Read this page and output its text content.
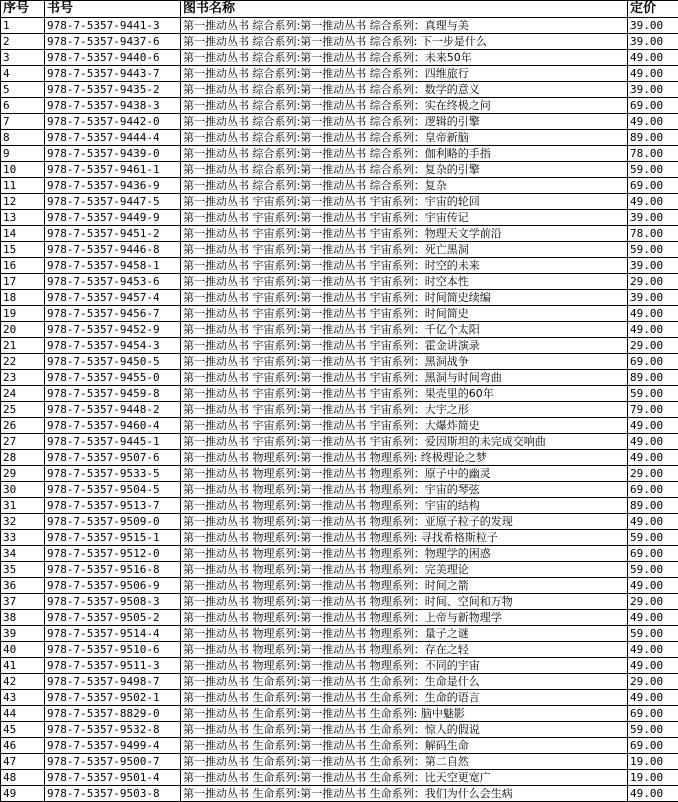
序号	书号	图书名称	定价
1	978-7-5357-9441-3	第一推动丛书 综合系列:第一推动丛书 综合系列：真理与美	39.00
2	978-7-5357-9437-6	第一推动丛书 综合系列:第一推动丛书 综合系列: 下一步是什么	39.00
3	978-7-5357-9440-6	第一推动丛书 综合系列:第一推动丛书 综合系列：未来50年	49.00
4	978-7-5357-9443-7	第一推动丛书 综合系列:第一推动丛书 综合系列：四维旅行	49.00
5	978-7-5357-9435-2	第一推动丛书 综合系列:第一推动丛书 综合系列：数学的意义	39.00
6	978-7-5357-9438-3	第一推动丛书 综合系列:第一推动丛书 综合系列：实在终极之问	69.00
7	978-7-5357-9442-0	第一推动丛书 综合系列:第一推动丛书 综合系列：逻辑的引擎	49.00
8	978-7-5357-9444-4	第一推动丛书 综合系列:第一推动丛书 综合系列：皇帝新脑	89.00
9	978-7-5357-9439-0	第一推动丛书 综合系列:第一推动丛书 综合系列：伽利略的手指	78.00
10	978-7-5357-9461-1	第一推动丛书 综合系列:第一推动丛书 综合系列：复杂的引擎	59.00
11	978-7-5357-9436-9	第一推动丛书 综合系列:第一推动丛书 综合系列：复杂	69.00
12	978-7-5357-9447-5	第一推动丛书 宇宙系列:第一推动丛书 宇宙系列：宇宙的轮回	49.00
13	978-7-5357-9449-9	第一推动丛书 宇宙系列:第一推动丛书 宇宙系列：宇宙传记	39.00
14	978-7-5357-9451-2	第一推动丛书 宇宙系列:第一推动丛书 宇宙系列：物理天文学前沿	78.00
15	978-7-5357-9446-8	第一推动丛书 宇宙系列:第一推动丛书 宇宙系列：死亡黑洞	59.00
16	978-7-5357-9458-1	第一推动丛书 宇宙系列:第一推动丛书 宇宙系列：时空的未来	39.00
17	978-7-5357-9453-6	第一推动丛书 宇宙系列:第一推动丛书 宇宙系列：时空本性	29.00
18	978-7-5357-9457-4	第一推动丛书 宇宙系列:第一推动丛书 宇宙系列：时间简史续编	39.00
19	978-7-5357-9456-7	第一推动丛书 宇宙系列:第一推动丛书 宇宙系列：时间简史	49.00
20	978-7-5357-9452-9	第一推动丛书 宇宙系列:第一推动丛书 宇宙系列：千亿个太阳	49.00
21	978-7-5357-9454-3	第一推动丛书 宇宙系列:第一推动丛书 宇宙系列：霍金讲演录	29.00
22	978-7-5357-9450-5	第一推动丛书 宇宙系列:第一推动丛书 宇宙系列：黑洞战争	69.00
23	978-7-5357-9455-0	第一推动丛书 宇宙系列:第一推动丛书 宇宙系列：黑洞与时间弯曲	89.00
24	978-7-5357-9459-8	第一推动丛书 宇宙系列:第一推动丛书 宇宙系列：果壳里的60年	59.00
25	978-7-5357-9448-2	第一推动丛书 宇宙系列:第一推动丛书 宇宙系列：大宇之形	79.00
26	978-7-5357-9460-4	第一推动丛书 宇宙系列:第一推动丛书 宇宙系列：大爆炸简史	49.00
27	978-7-5357-9445-1	第一推动丛书 宇宙系列:第一推动丛书 宇宙系列：爱因斯坦的未完成交响曲	49.00
28	978-7-5357-9507-6	第一推动丛书 物理系列:第一推动丛书 物理系列: 终极理论之梦	49.00
29	978-7-5357-9533-5	第一推动丛书 物理系列:第一推动丛书 物理系列：原子中的幽灵	29.00
30	978-7-5357-9504-5	第一推动丛书 物理系列:第一推动丛书 物理系列：宇宙的琴弦	69.00
31	978-7-5357-9513-7	第一推动丛书 物理系列:第一推动丛书 物理系列：宇宙的结构	89.00
32	978-7-5357-9509-0	第一推动丛书 物理系列:第一推动丛书 物理系列：亚原子粒子的发现	49.00
33	978-7-5357-9515-1	第一推动丛书 物理系列:第一推动丛书 物理系列: 寻找希格斯粒子	59.00
34	978-7-5357-9512-0	第一推动丛书 物理系列:第一推动丛书 物理系列：物理学的困惑	69.00
35	978-7-5357-9516-8	第一推动丛书 物理系列:第一推动丛书 物理系列：完美理论	59.00
36	978-7-5357-9506-9	第一推动丛书 物理系列:第一推动丛书 物理系列：时间之箭	49.00
37	978-7-5357-9508-3	第一推动丛书 物理系列:第一推动丛书 物理系列：时间、空间和万物	29.00
38	978-7-5357-9505-2	第一推动丛书 物理系列:第一推动丛书 物理系列：上帝与新物理学	49.00
39	978-7-5357-9514-4	第一推动丛书 物理系列:第一推动丛书 物理系列：量子之谜	59.00
40	978-7-5357-9510-6	第一推动丛书 物理系列:第一推动丛书 物理系列：存在之轻	49.00
41	978-7-5357-9511-3	第一推动丛书 物理系列:第一推动丛书 物理系列：不同的宇宙	49.00
42	978-7-5357-9498-7	第一推动丛书 生命系列:第一推动丛书 生命系列：生命是什么	29.00
43	978-7-5357-9502-1	第一推动丛书 生命系列:第一推动丛书 生命系列：生命的语言	49.00
44	978-7-5357-8829-0	第一推动丛书 生命系列:第一推动丛书 生命系列: 脑中魅影	69.00
45	978-7-5357-9532-8	第一推动丛书 生命系列:第一推动丛书 生命系列：惊人的假说	59.00
46	978-7-5357-9499-4	第一推动丛书 生命系列:第一推动丛书 生命系列：解码生命	69.00
47	978-7-5357-9500-7	第一推动丛书 生命系列:第一推动丛书 生命系列：第二自然	19.00
48	978-7-5357-9501-4	第一推动丛书 生命系列:第一推动丛书 生命系列：比天空更宽广	19.00
49	978-7-5357-9503-8	第一推动丛书 生命系列:第一推动丛书 生命系列：我们为什么会生病	49.00
